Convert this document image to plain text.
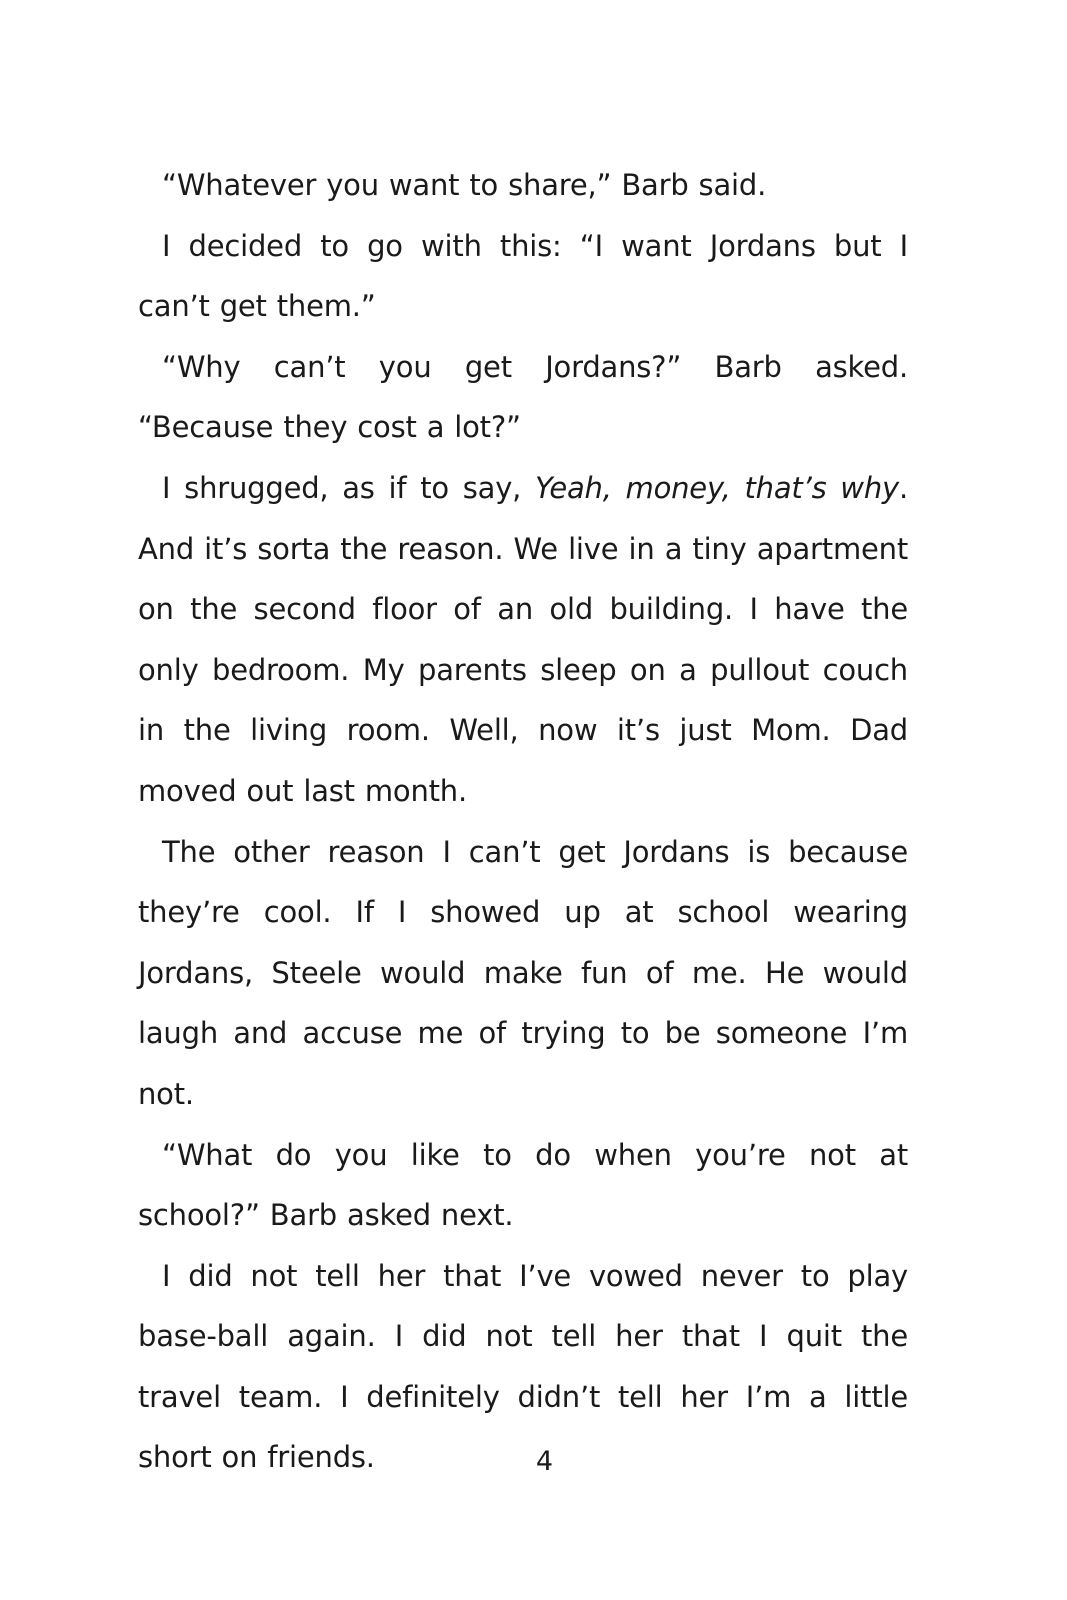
“Whatever you want to share,” Barb said.

I decided to go with this: “I want Jordans but I can’t get them.”

“Why can’t you get Jordans?” Barb asked. “Because they cost a lot?”

I shrugged, as if to say, Yeah, money, that’s why. And it’s sorta the reason. We live in a tiny apartment on the second floor of an old building. I have the only bedroom. My parents sleep on a pullout couch in the living room. Well, now it’s just Mom. Dad moved out last month.

The other reason I can’t get Jordans is because they’re cool. If I showed up at school wearing Jordans, Steele would make fun of me. He would laugh and accuse me of trying to be someone I’m not.

“What do you like to do when you’re not at school?” Barb asked next.

I did not tell her that I’ve vowed never to play base-ball again. I did not tell her that I quit the travel team. I definitely didn’t tell her I’m a little short on friends.	4
